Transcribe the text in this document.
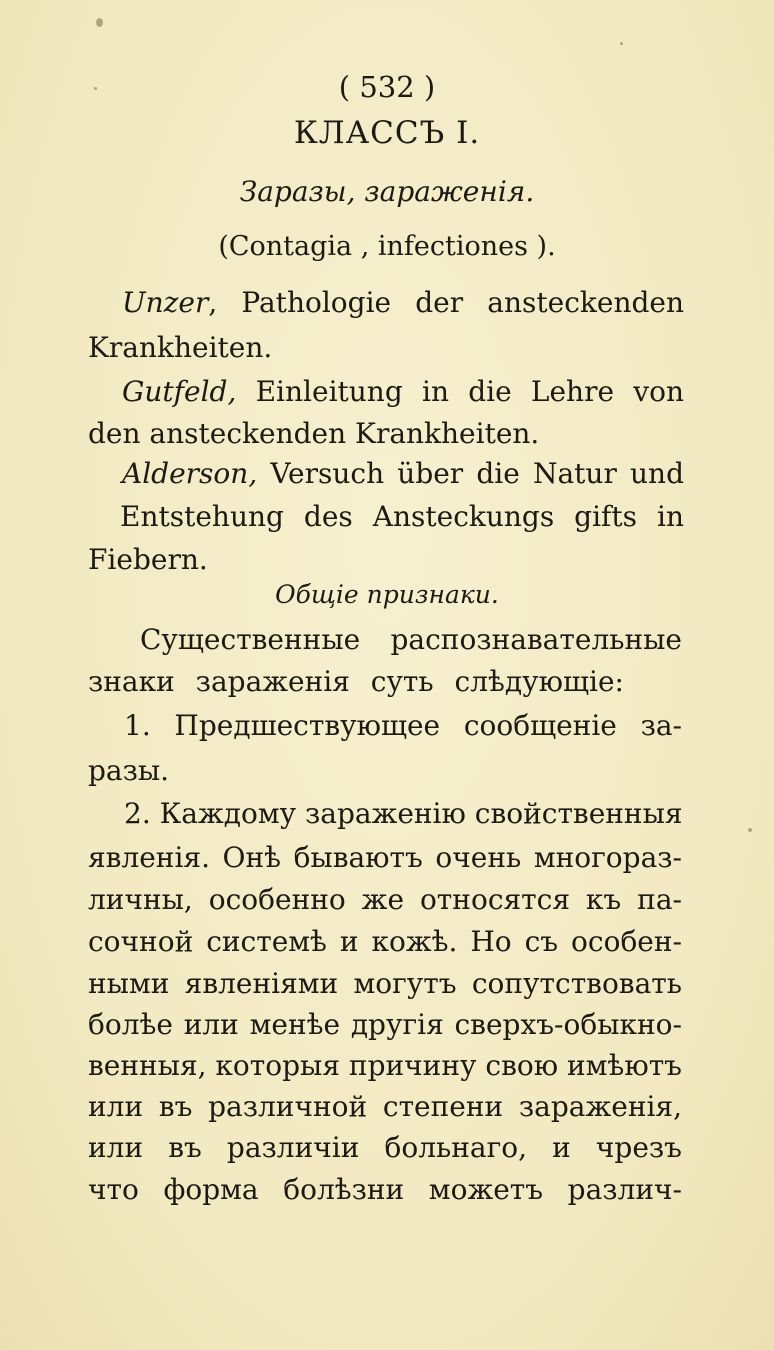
( 532 )
КЛАССЪ I.
Заразы, зараженія.
(Contagia , infectiones ).
Unzer, Pathologie der ansteckenden
Krankheiten.
Gutfeld, Einleitung in die Lehre von
den ansteckenden Krankheiten.
Alderson, Versuch über die Natur und
Entstehung des Ansteckungs gifts in
Fiebern.
Общіе признаки.
Существенные распознавательные
знаки зараженія суть слѣдующіе:
1. Предшествующее сообщеніе за-
разы.
2. Каждому зараженію свойственныя
явленія. Онѣ бываютъ очень многораз-
личны, особенно же относятся къ па-
сочной системѣ и кожѣ. Но съ особен-
ными явленіями могутъ сопутствовать
болѣе или менѣе другія сверхъ-обыкно-
венныя, которыя причину свою имѣютъ
или въ различной степени зараженія,
или въ различіи больнаго, и чрезъ
что форма болѣзни можетъ различ-
